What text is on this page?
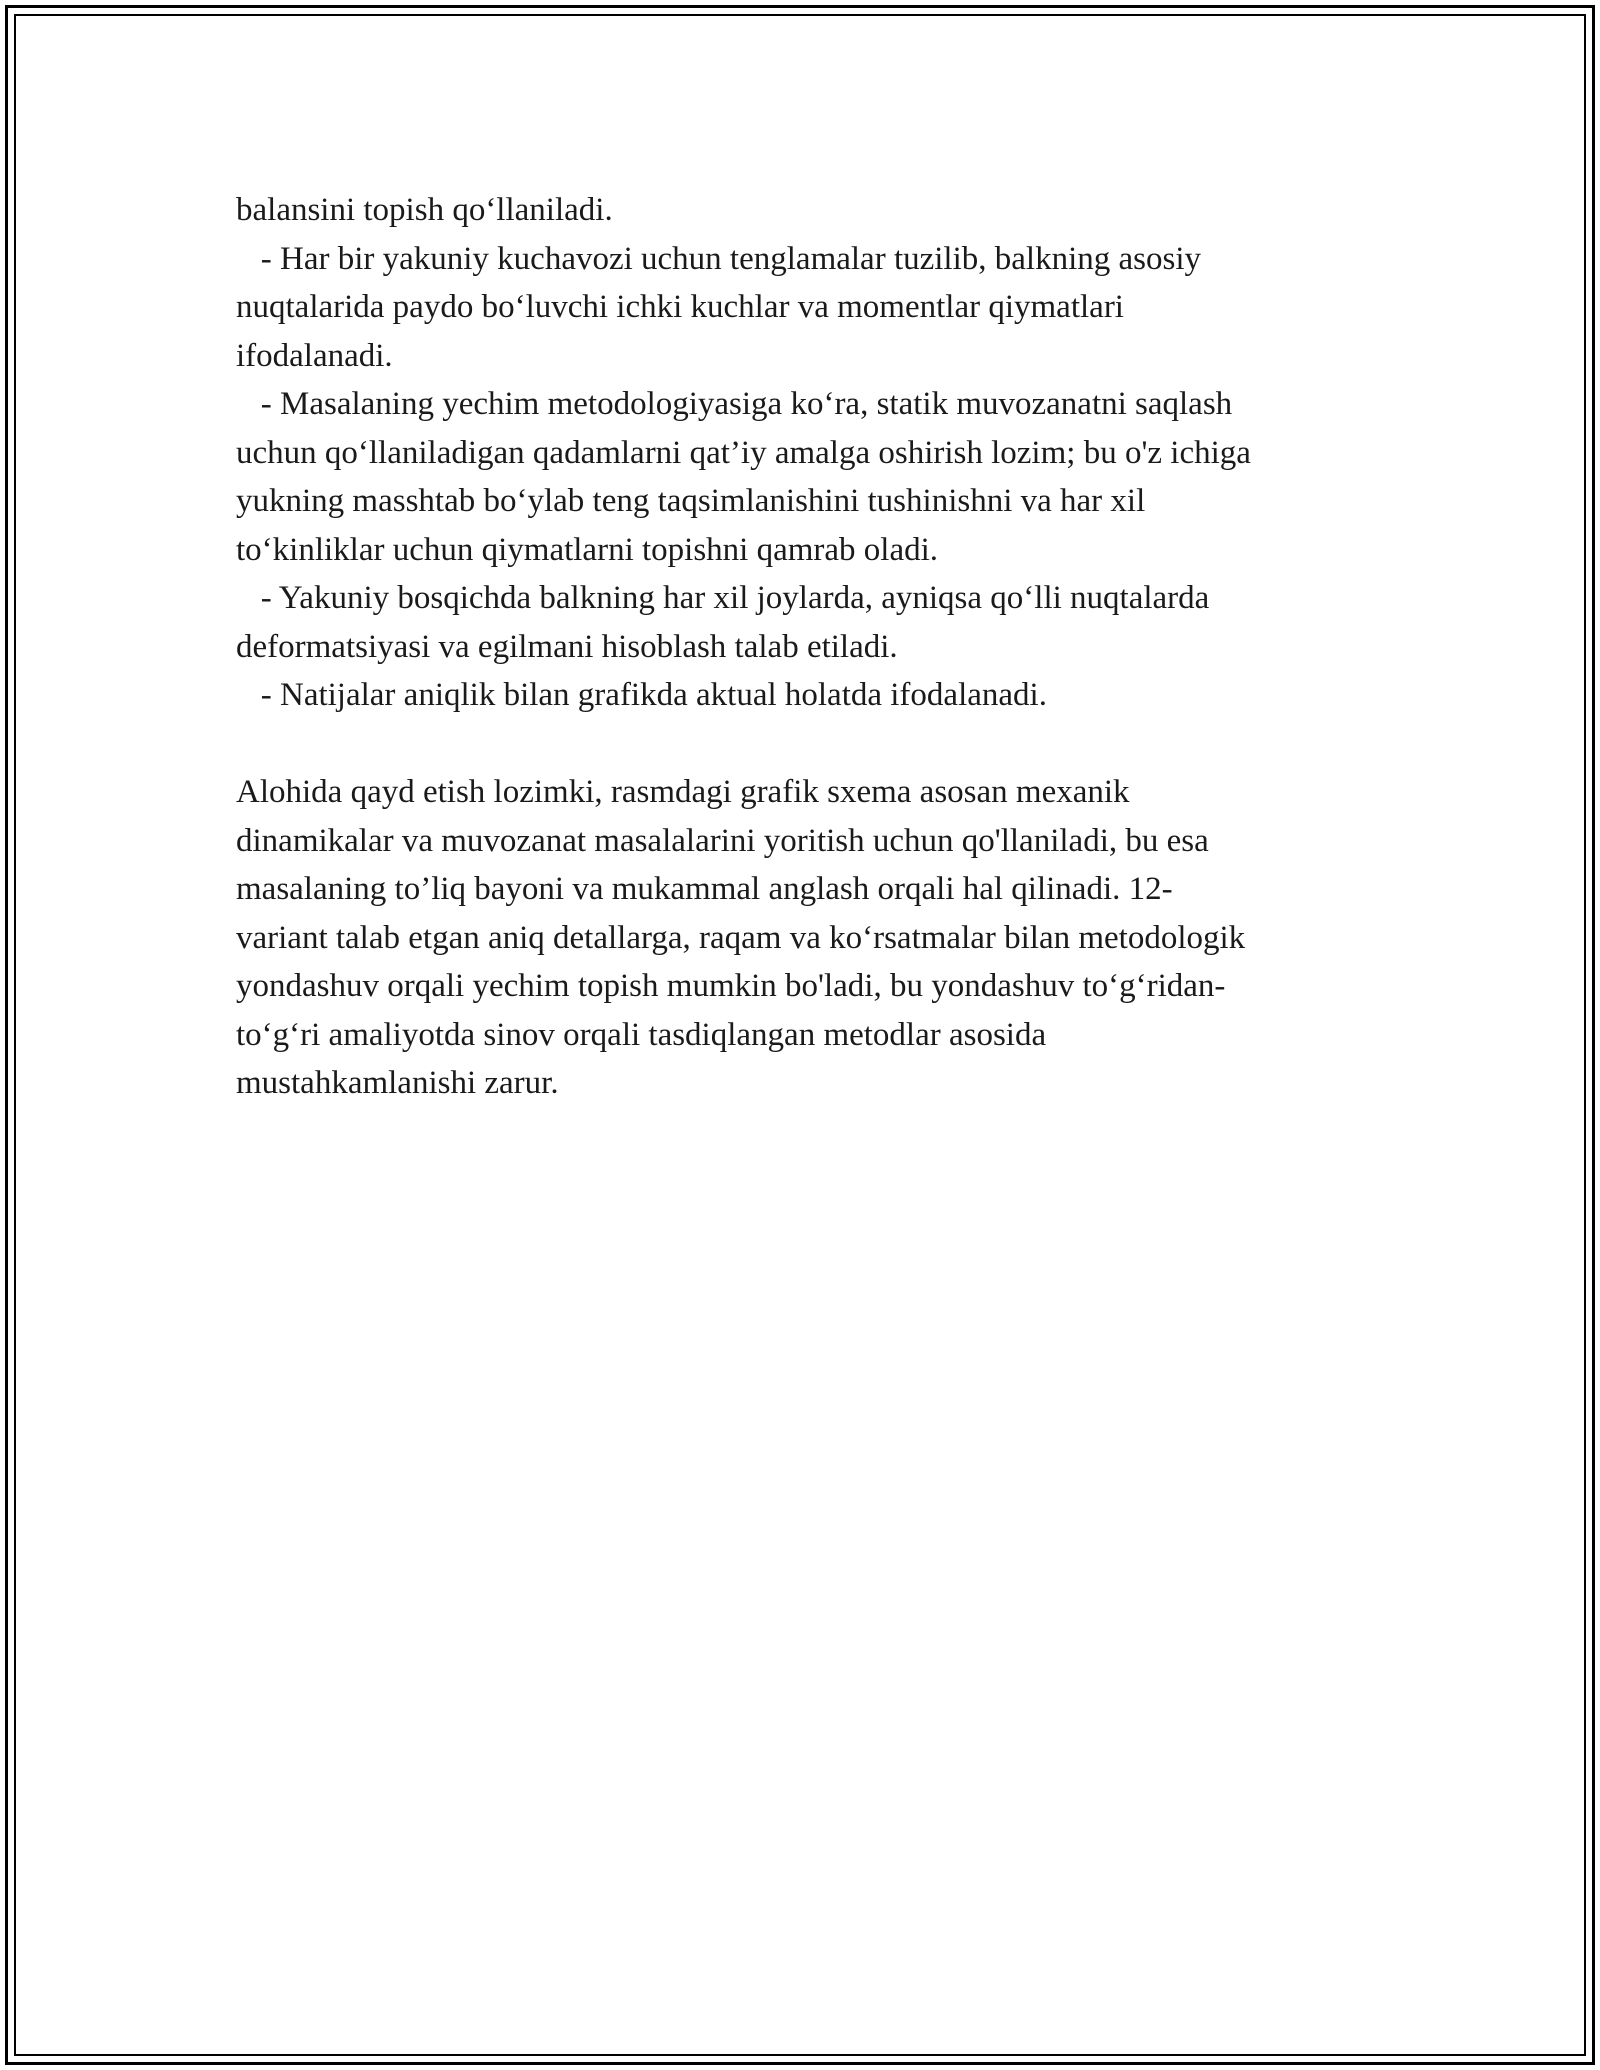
balansini topish qo‘llaniladi.
- Har bir yakuniy kuchavozi uchun tenglamalar tuzilib, balkning asosiy
nuqtalarida paydo bo‘luvchi ichki kuchlar va momentlar qiymatlari
ifodalanadi.
- Masalaning yechim metodologiyasiga ko‘ra, statik muvozanatni saqlash
uchun qo‘llaniladigan qadamlarni qat’iy amalga oshirish lozim; bu o'z ichiga
yukning masshtab bo‘ylab teng taqsimlanishini tushinishni va har xil
to‘kinliklar uchun qiymatlarni topishni qamrab oladi.
- Yakuniy bosqichda balkning har xil joylarda, ayniqsa qo‘lli nuqtalarda
deformatsiyasi va egilmani hisoblash talab etiladi.
- Natijalar aniqlik bilan grafikda aktual holatda ifodalanadi.
Alohida qayd etish lozimki, rasmdagi grafik sxema asosan mexanik
dinamikalar va muvozanat masalalarini yoritish uchun qo'llaniladi, bu esa
masalaning to’liq bayoni va mukammal anglash orqali hal qilinadi. 12-
variant talab etgan aniq detallarga, raqam va ko‘rsatmalar bilan metodologik
yondashuv orqali yechim topish mumkin bo'ladi, bu yondashuv to‘g‘ridan-
to‘g‘ri amaliyotda sinov orqali tasdiqlangan metodlar asosida
mustahkamlanishi zarur.
